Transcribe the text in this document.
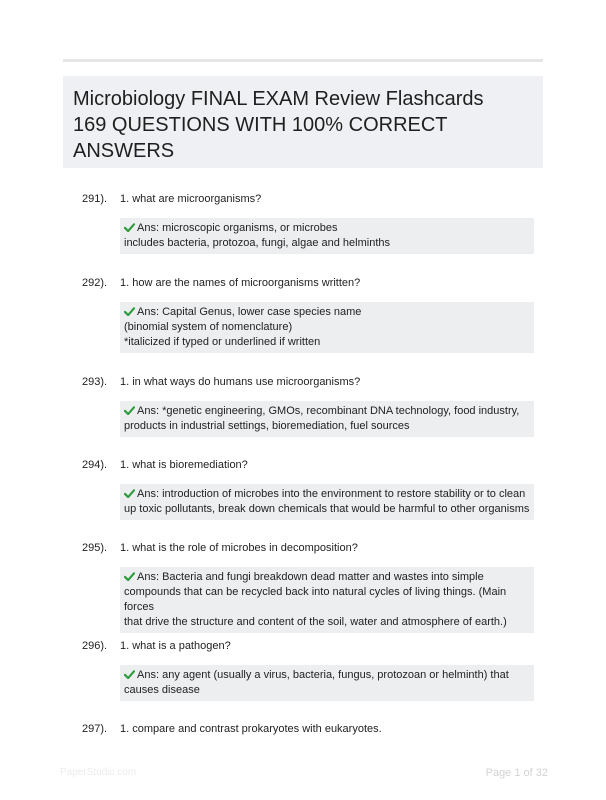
Microbiology FINAL EXAM Review Flashcards
169 QUESTIONS WITH 100% CORRECT
ANSWERS
291). 1. what are microorganisms?
Ans: microscopic organisms, or microbes
includes bacteria, protozoa, fungi, algae and helminths
292). 1. how are the names of microorganisms written?
Ans: Capital Genus, lower case species name
(binomial system of nomenclature)
*italicized if typed or underlined if written
293). 1. in what ways do humans use microorganisms?
Ans: *genetic engineering, GMOs, recombinant DNA technology, food industry,
products in industrial settings, bioremediation, fuel sources
294). 1. what is bioremediation?
Ans: introduction of microbes into the environment to restore stability or to clean
up toxic pollutants, break down chemicals that would be harmful to other organisms
295). 1. what is the role of microbes in decomposition?
Ans: Bacteria and fungi breakdown dead matter and wastes into simple
compounds that can be recycled back into natural cycles of living things. (Main forces
that drive the structure and content of the soil, water and atmosphere of earth.)
296). 1. what is a pathogen?
Ans: any agent (usually a virus, bacteria, fungus, protozoan or helminth) that
causes disease
297). 1. compare and contrast prokaryotes with eukaryotes.
PaperStudic.com	Page 1 of 32
